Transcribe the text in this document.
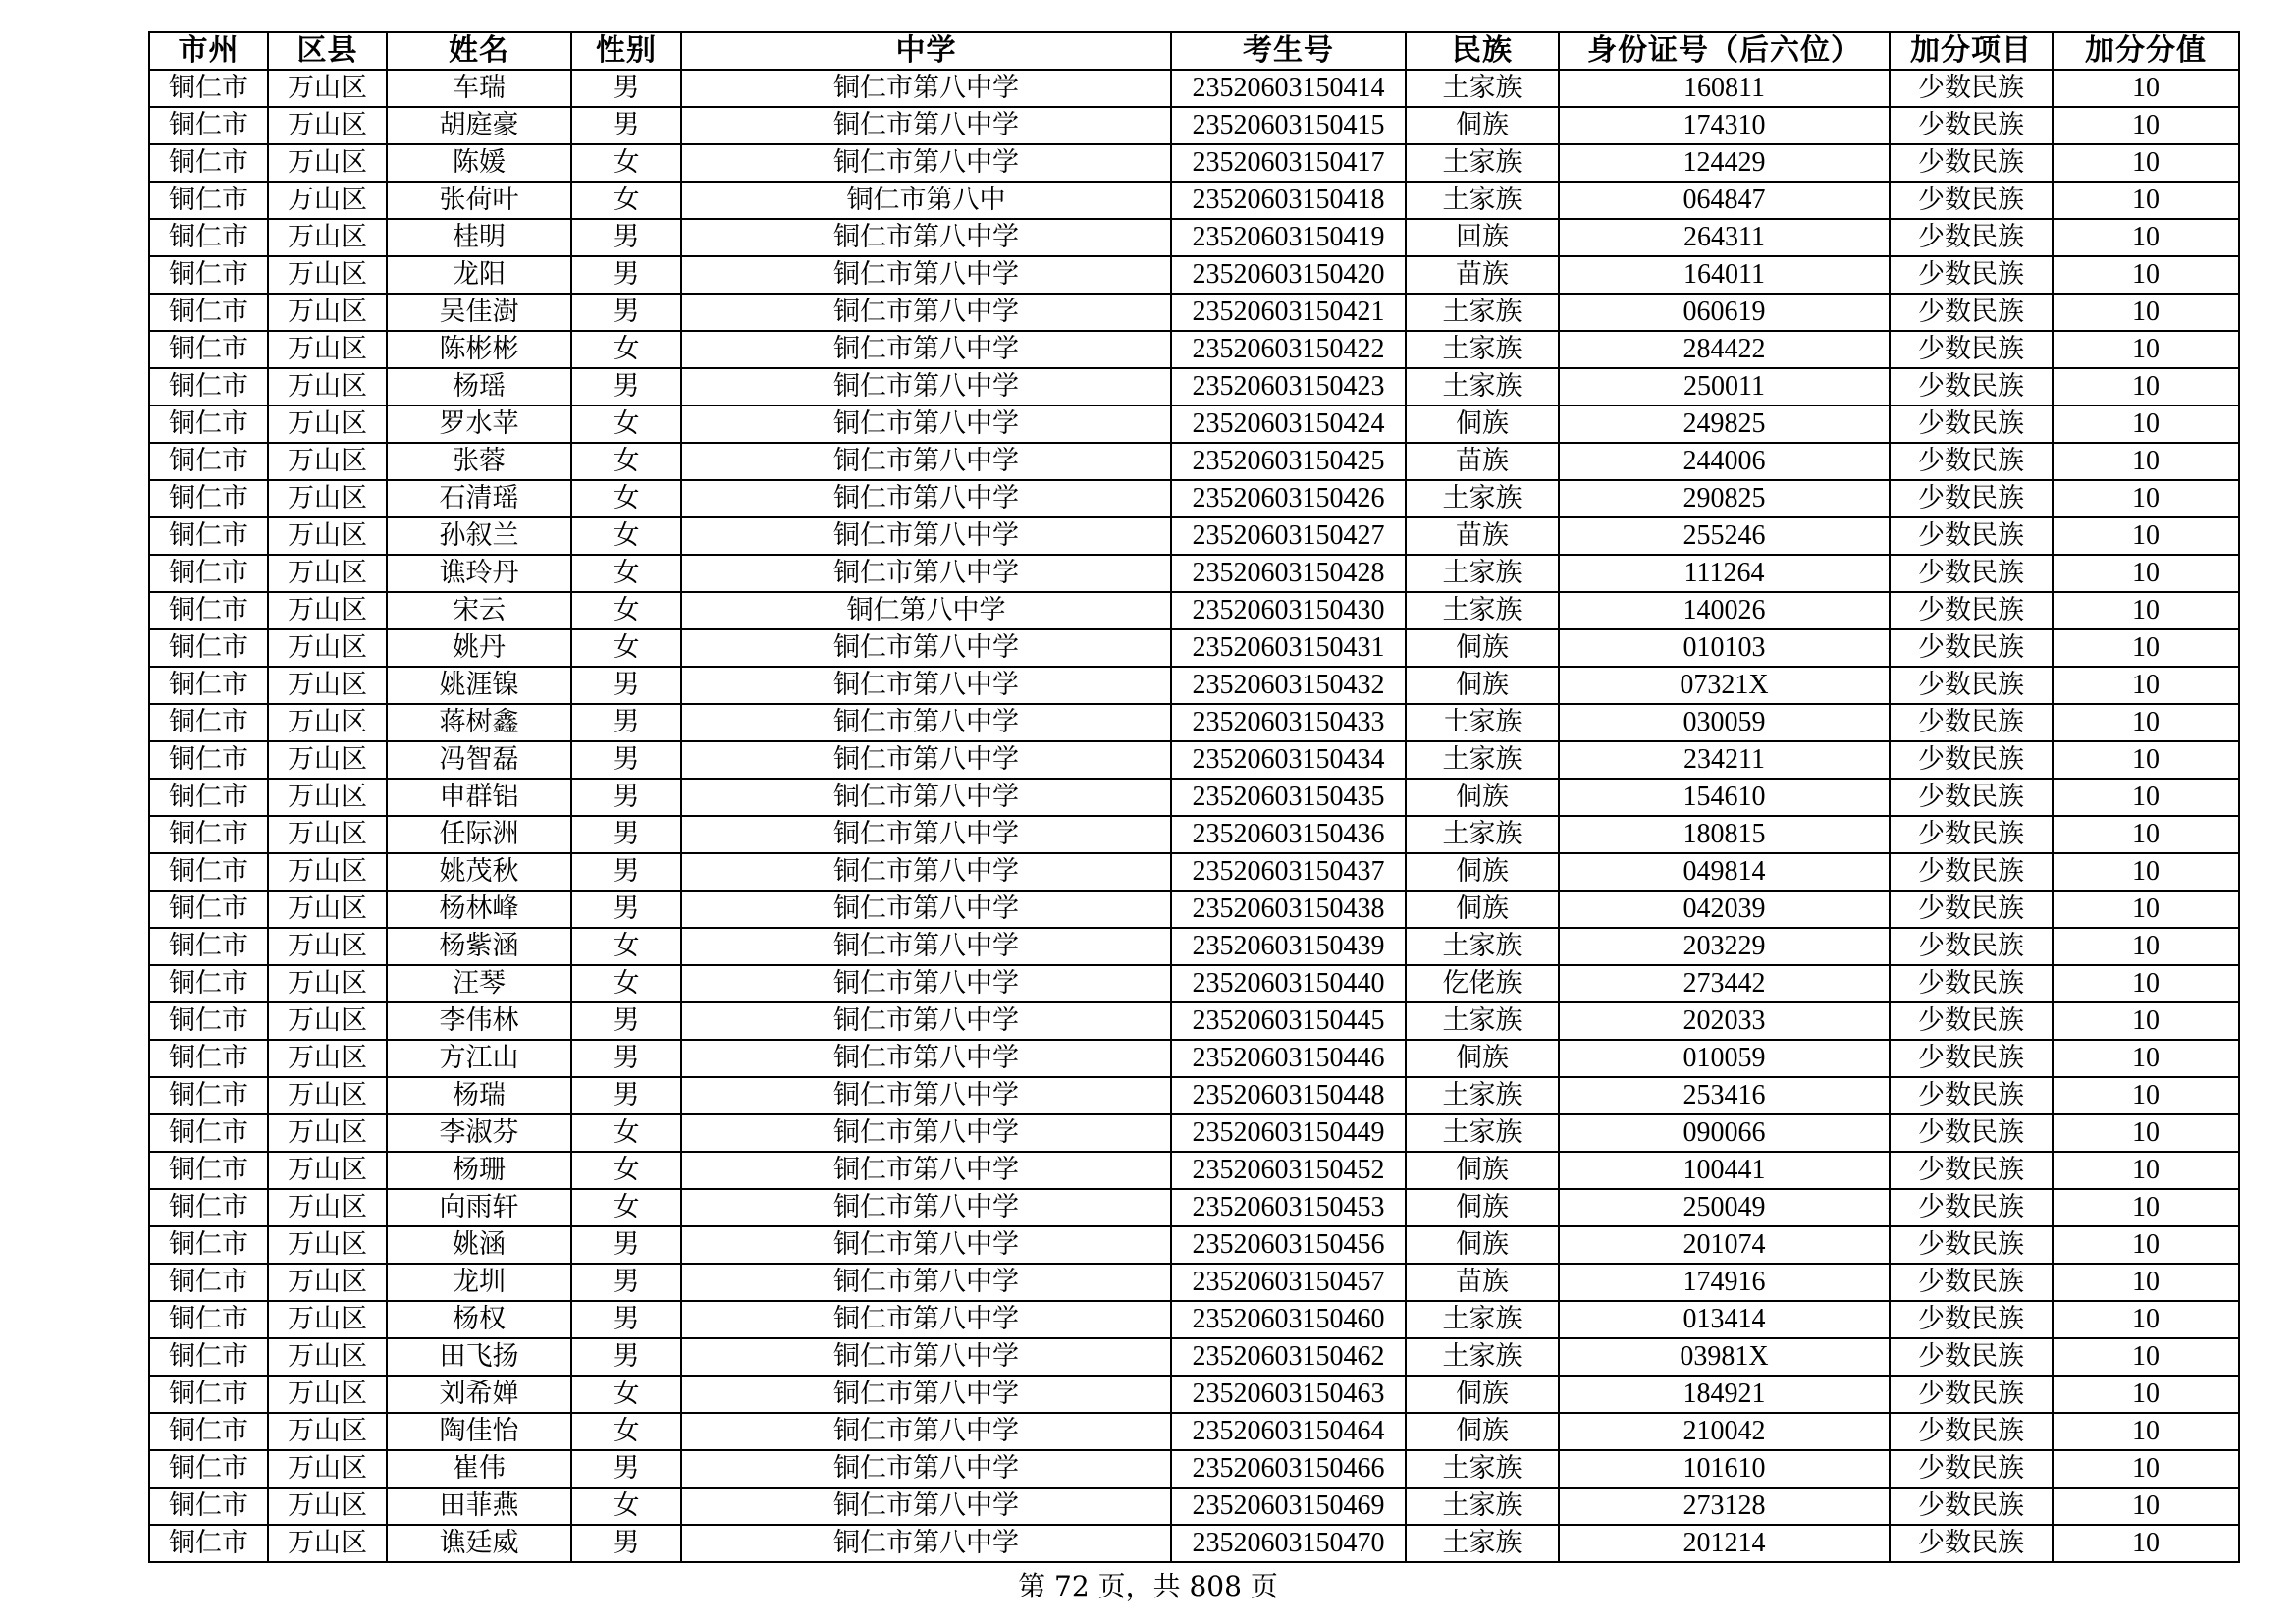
市州	区县	姓名	性别	中学	考生号	民族	身份证号（后六位）	加分项目	加分分值
铜仁市	万山区	车瑞	男	铜仁市第八中学	23520603150414	土家族	160811	少数民族	10
铜仁市	万山区	胡庭豪	男	铜仁市第八中学	23520603150415	侗族	174310	少数民族	10
铜仁市	万山区	陈媛	女	铜仁市第八中学	23520603150417	土家族	124429	少数民族	10
铜仁市	万山区	张荷叶	女	铜仁市第八中	23520603150418	土家族	064847	少数民族	10
铜仁市	万山区	桂明	男	铜仁市第八中学	23520603150419	回族	264311	少数民族	10
铜仁市	万山区	龙阳	男	铜仁市第八中学	23520603150420	苗族	164011	少数民族	10
铜仁市	万山区	吴佳澍	男	铜仁市第八中学	23520603150421	土家族	060619	少数民族	10
铜仁市	万山区	陈彬彬	女	铜仁市第八中学	23520603150422	土家族	284422	少数民族	10
铜仁市	万山区	杨瑶	男	铜仁市第八中学	23520603150423	土家族	250011	少数民族	10
铜仁市	万山区	罗水苹	女	铜仁市第八中学	23520603150424	侗族	249825	少数民族	10
铜仁市	万山区	张蓉	女	铜仁市第八中学	23520603150425	苗族	244006	少数民族	10
铜仁市	万山区	石清瑶	女	铜仁市第八中学	23520603150426	土家族	290825	少数民族	10
铜仁市	万山区	孙叙兰	女	铜仁市第八中学	23520603150427	苗族	255246	少数民族	10
铜仁市	万山区	谯玲丹	女	铜仁市第八中学	23520603150428	土家族	111264	少数民族	10
铜仁市	万山区	宋云	女	铜仁第八中学	23520603150430	土家族	140026	少数民族	10
铜仁市	万山区	姚丹	女	铜仁市第八中学	23520603150431	侗族	010103	少数民族	10
铜仁市	万山区	姚涯镍	男	铜仁市第八中学	23520603150432	侗族	07321X	少数民族	10
铜仁市	万山区	蒋树鑫	男	铜仁市第八中学	23520603150433	土家族	030059	少数民族	10
铜仁市	万山区	冯智磊	男	铜仁市第八中学	23520603150434	土家族	234211	少数民族	10
铜仁市	万山区	申群铝	男	铜仁市第八中学	23520603150435	侗族	154610	少数民族	10
铜仁市	万山区	任际洲	男	铜仁市第八中学	23520603150436	土家族	180815	少数民族	10
铜仁市	万山区	姚茂秋	男	铜仁市第八中学	23520603150437	侗族	049814	少数民族	10
铜仁市	万山区	杨林峰	男	铜仁市第八中学	23520603150438	侗族	042039	少数民族	10
铜仁市	万山区	杨紫涵	女	铜仁市第八中学	23520603150439	土家族	203229	少数民族	10
铜仁市	万山区	汪琴	女	铜仁市第八中学	23520603150440	仡佬族	273442	少数民族	10
铜仁市	万山区	李伟林	男	铜仁市第八中学	23520603150445	土家族	202033	少数民族	10
铜仁市	万山区	方江山	男	铜仁市第八中学	23520603150446	侗族	010059	少数民族	10
铜仁市	万山区	杨瑞	男	铜仁市第八中学	23520603150448	土家族	253416	少数民族	10
铜仁市	万山区	李淑芬	女	铜仁市第八中学	23520603150449	土家族	090066	少数民族	10
铜仁市	万山区	杨珊	女	铜仁市第八中学	23520603150452	侗族	100441	少数民族	10
铜仁市	万山区	向雨轩	女	铜仁市第八中学	23520603150453	侗族	250049	少数民族	10
铜仁市	万山区	姚涵	男	铜仁市第八中学	23520603150456	侗族	201074	少数民族	10
铜仁市	万山区	龙圳	男	铜仁市第八中学	23520603150457	苗族	174916	少数民族	10
铜仁市	万山区	杨权	男	铜仁市第八中学	23520603150460	土家族	013414	少数民族	10
铜仁市	万山区	田飞扬	男	铜仁市第八中学	23520603150462	土家族	03981X	少数民族	10
铜仁市	万山区	刘希婵	女	铜仁市第八中学	23520603150463	侗族	184921	少数民族	10
铜仁市	万山区	陶佳怡	女	铜仁市第八中学	23520603150464	侗族	210042	少数民族	10
铜仁市	万山区	崔伟	男	铜仁市第八中学	23520603150466	土家族	101610	少数民族	10
铜仁市	万山区	田菲燕	女	铜仁市第八中学	23520603150469	土家族	273128	少数民族	10
铜仁市	万山区	谯廷威	男	铜仁市第八中学	23520603150470	土家族	201214	少数民族	10
第 72 页，共 808 页
